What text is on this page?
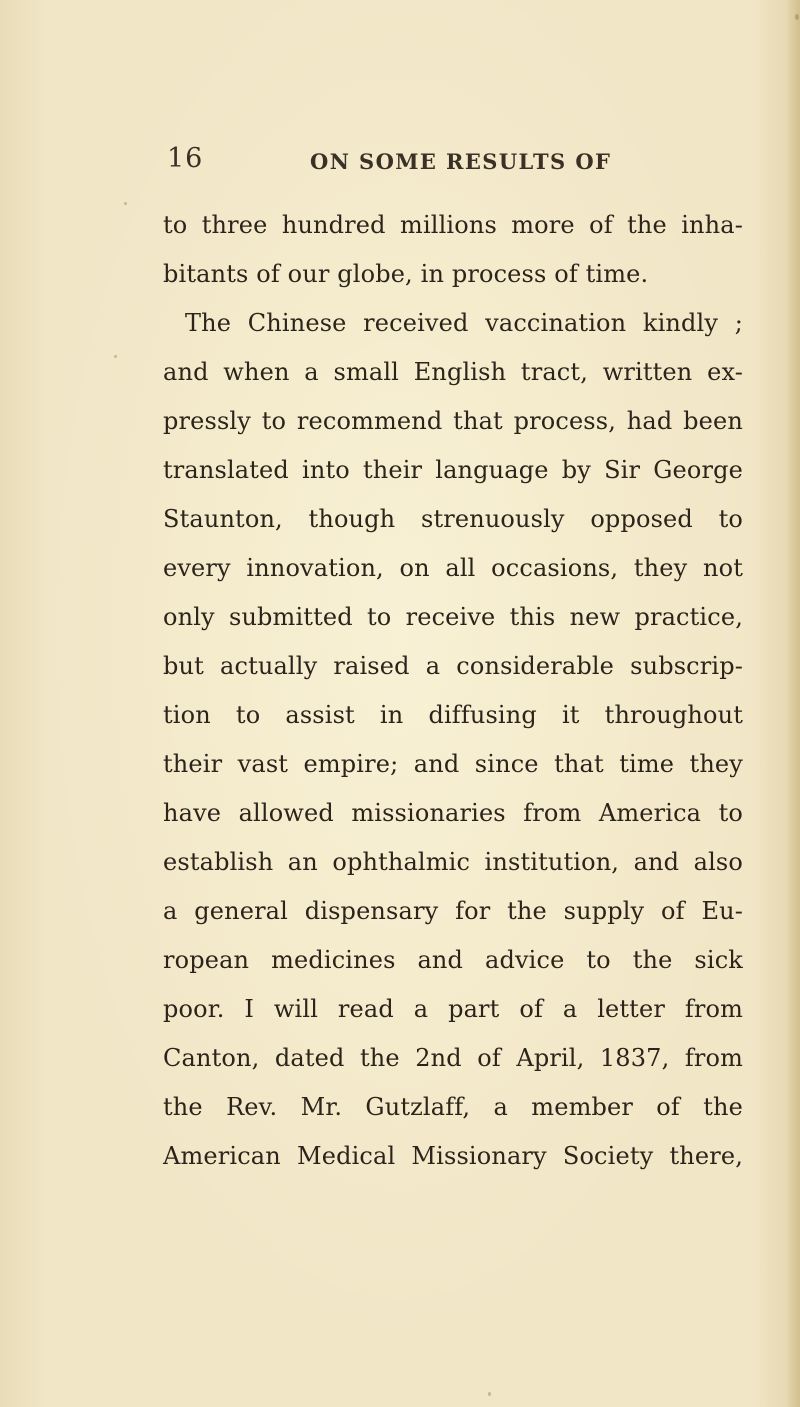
16	ON SOME RESULTS OF
to three hundred millions more of the inha-
bitants of our globe, in process of time.
The Chinese received vaccination kindly ;
and when a small English tract, written ex-
pressly to recommend that process, had been
translated into their language by Sir George
Staunton, though strenuously opposed to
every innovation, on all occasions, they not
only submitted to receive this new practice,
but actually raised a considerable subscrip-
tion to assist in diffusing it throughout
their vast empire; and since that time they
have allowed missionaries from America to
establish an ophthalmic institution, and also
a general dispensary for the supply of Eu-
ropean medicines and advice to the sick
poor. I will read a part of a letter from
Canton, dated the 2nd of April, 1837, from
the Rev. Mr. Gutzlaff, a member of the
American Medical Missionary Society there,
